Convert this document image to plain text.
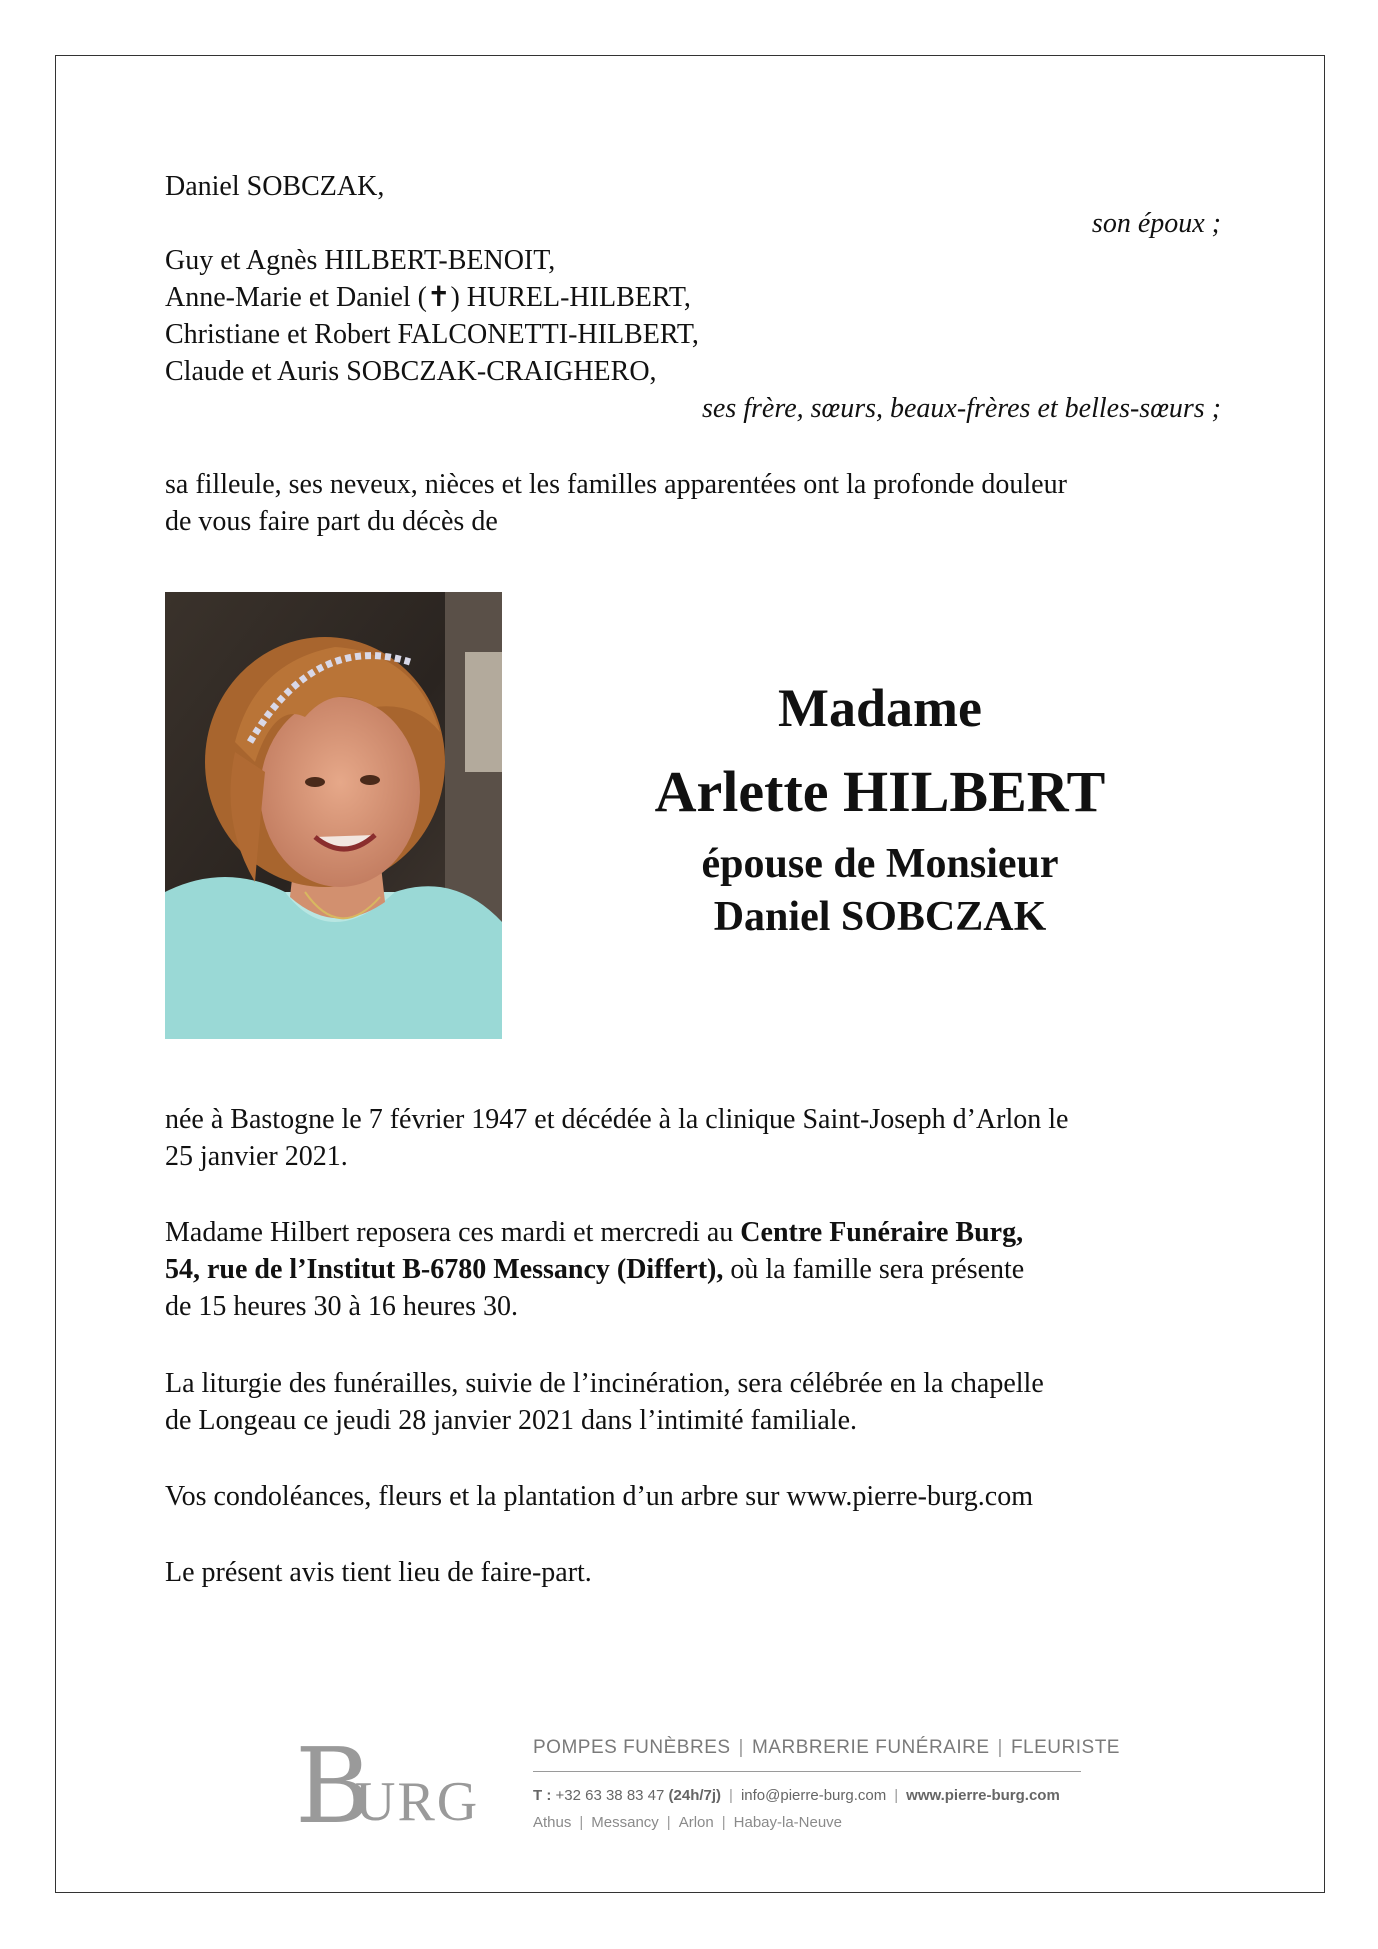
Daniel SOBCZAK,
son époux ;
Guy et Agnès HILBERT-BENOIT,
Anne-Marie et Daniel (✝) HUREL-HILBERT,
Christiane et Robert FALCONETTI-HILBERT,
Claude et Auris SOBCZAK-CRAIGHERO,
ses frère, sœurs, beaux-frères et belles-sœurs ;
sa filleule, ses neveux, nièces et les familles apparentées ont la profonde douleur
de vous faire part du décès de
Madame
Arlette HILBERT
épouse de Monsieur
Daniel SOBCZAK
née à Bastogne le 7 février 1947 et décédée à la clinique Saint-Joseph d’Arlon le
25 janvier 2021.
Madame Hilbert reposera ces mardi et mercredi au Centre Funéraire Burg,
54, rue de l’Institut B-6780 Messancy (Differt), où la famille sera présente
de 15 heures 30 à 16 heures 30.
La liturgie des funérailles, suivie de l’incinération, sera célébrée en la chapelle
de Longeau ce jeudi 28 janvier 2021 dans l’intimité familiale.
Vos condoléances, fleurs et la plantation d’un arbre sur www.pierre-burg.com
Le présent avis tient lieu de faire-part.
B
URG
POMPES FUNÈBRES | MARBRERIE FUNÉRAIRE | FLEURISTE
T : +32 63 38 83 47 (24h/7j) | info@pierre-burg.com | www.pierre-burg.com
Athus | Messancy | Arlon | Habay-la-Neuve
